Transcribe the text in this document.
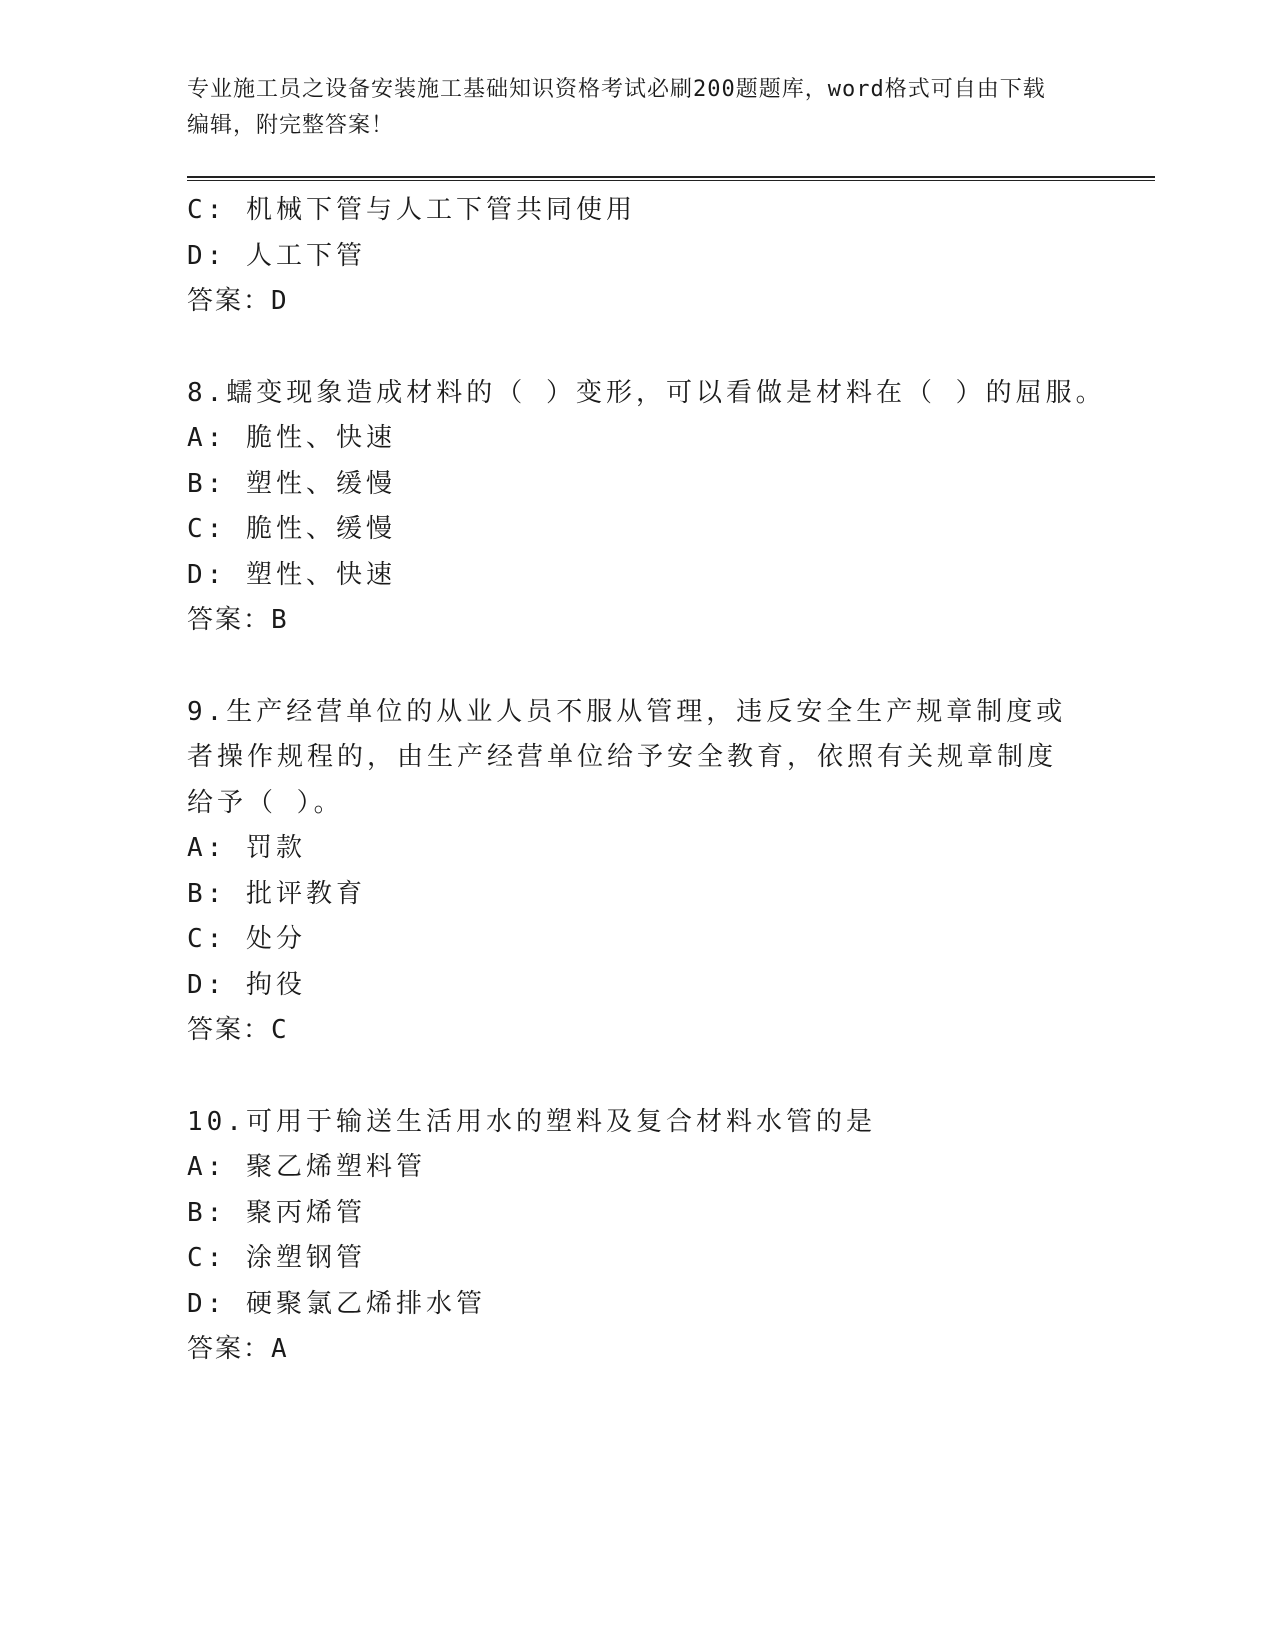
专业施工员之设备安装施工基础知识资格考试必刷200题题库，word格式可自由下载编辑，附完整答案！
C: 机械下管与人工下管共同使用
D: 人工下管
答案：D
8.蠕变现象造成材料的（ ）变形，可以看做是材料在（ ）的屈服。
A: 脆性、快速
B: 塑性、缓慢
C: 脆性、缓慢
D: 塑性、快速
答案：B
9.生产经营单位的从业人员不服从管理，违反安全生产规章制度或者操作规程的，由生产经营单位给予安全教育，依照有关规章制度给予（ ）。
A: 罚款
B: 批评教育
C: 处分
D: 拘役
答案：C
10.可用于输送生活用水的塑料及复合材料水管的是
A: 聚乙烯塑料管
B: 聚丙烯管
C: 涂塑钢管
D: 硬聚氯乙烯排水管
答案：A
